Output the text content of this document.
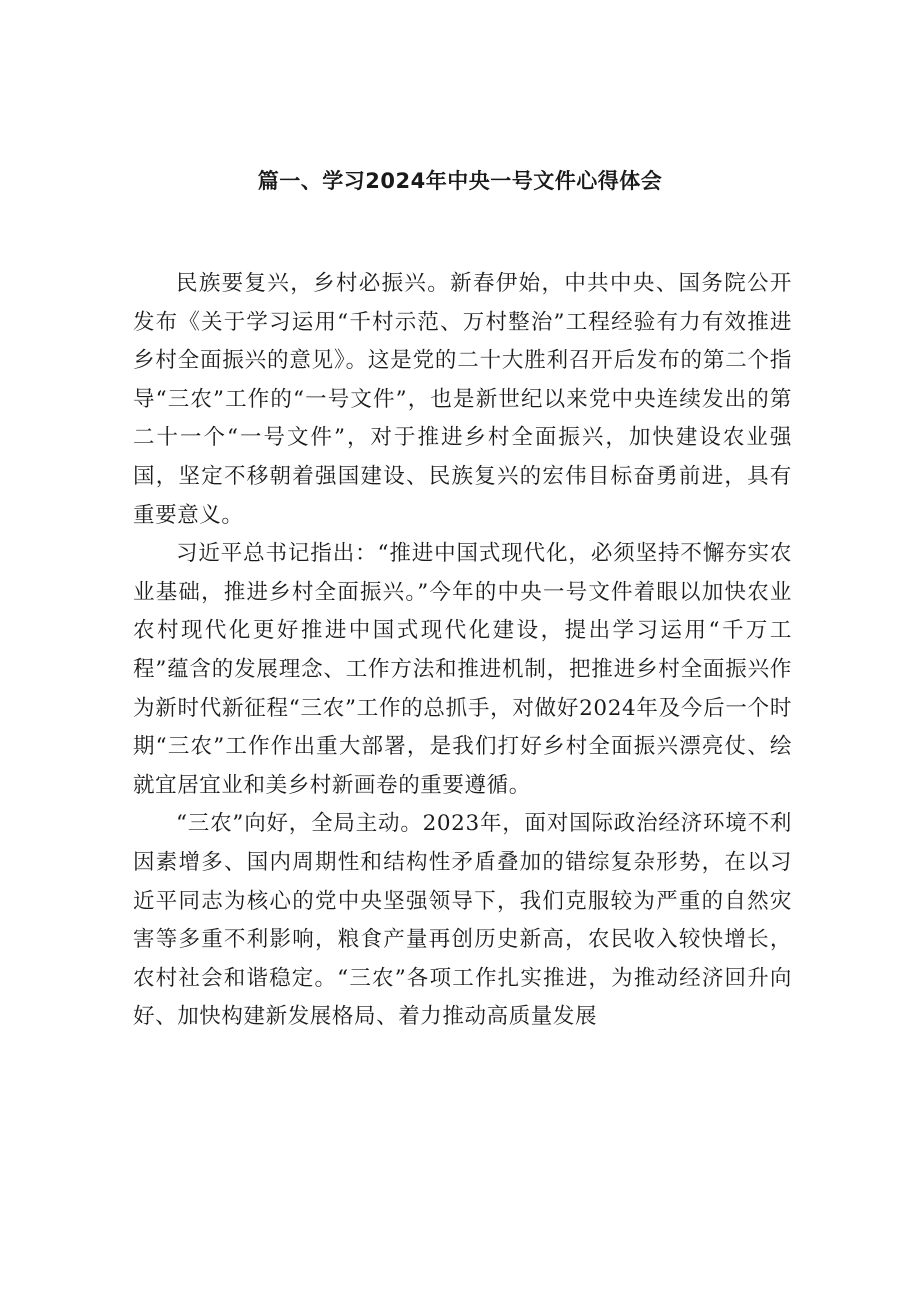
篇一、学习2024年中央一号文件心得体会

民族要复兴，乡村必振兴。新春伊始，中共中央、国务院公开发布《关于学习运用“千村示范、万村整治”工程经验有力有效推进乡村全面振兴的意见》。这是党的二十大胜利召开后发布的第二个指导“三农”工作的“一号文件”，也是新世纪以来党中央连续发出的第二十一个“一号文件”，对于推进乡村全面振兴，加快建设农业强国，坚定不移朝着强国建设、民族复兴的宏伟目标奋勇前进，具有重要意义。

习近平总书记指出：“推进中国式现代化，必须坚持不懈夯实农业基础，推进乡村全面振兴。”今年的中央一号文件着眼以加快农业农村现代化更好推进中国式现代化建设，提出学习运用“千万工程”蕴含的发展理念、工作方法和推进机制，把推进乡村全面振兴作为新时代新征程“三农”工作的总抓手，对做好2024年及今后一个时期“三农”工作作出重大部署，是我们打好乡村全面振兴漂亮仗、绘就宜居宜业和美乡村新画卷的重要遵循。

“三农”向好，全局主动。2023年，面对国际政治经济环境不利因素增多、国内周期性和结构性矛盾叠加的错综复杂形势，在以习近平同志为核心的党中央坚强领导下，我们克服较为严重的自然灾害等多重不利影响，粮食产量再创历史新高，农民收入较快增长，农村社会和谐稳定。“三农”各项工作扎实推进，为推动经济回升向好、加快构建新发展格局、着力推动高质量发展
